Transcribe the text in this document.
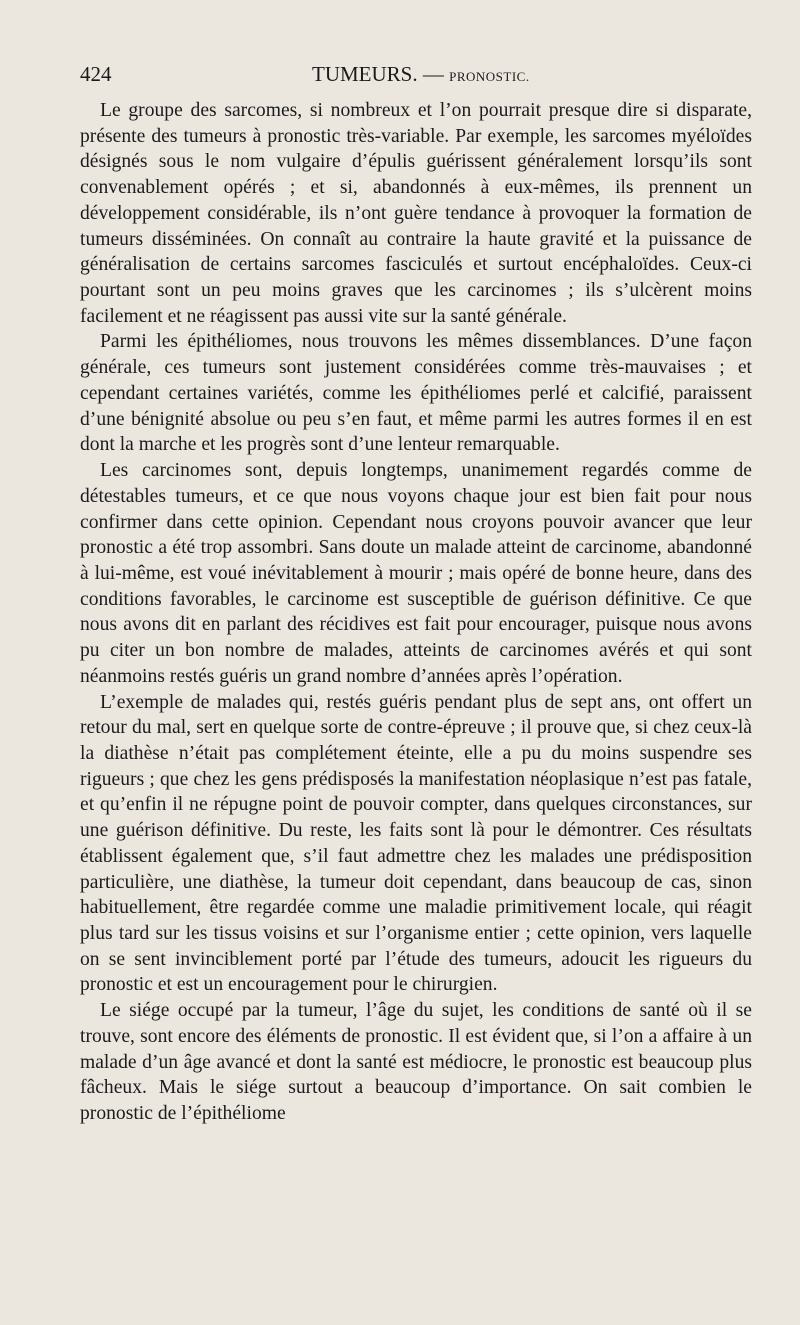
424	TUMEURS. — PRONOSTIC.

Le groupe des sarcomes, si nombreux et l’on pourrait presque dire si disparate, présente des tumeurs à pronostic très-variable. Par exemple, les sarcomes myéloïdes désignés sous le nom vulgaire d’épulis guérissent généralement lorsqu’ils sont convenablement opérés ; et si, abandonnés à eux-mêmes, ils prennent un développement considérable, ils n’ont guère tendance à provoquer la formation de tumeurs disséminées. On connaît au contraire la haute gravité et la puissance de généralisation de certains sarcomes fasciculés et surtout encéphaloïdes. Ceux-ci pourtant sont un peu moins graves que les carcinomes ; ils s’ulcèrent moins facilement et ne réagissent pas aussi vite sur la santé générale.

Parmi les épithéliomes, nous trouvons les mêmes dissemblances. D’une façon générale, ces tumeurs sont justement considérées comme très-mauvaises ; et cependant certaines variétés, comme les épithéliomes perlé et calcifié, paraissent d’une bénignité absolue ou peu s’en faut, et même parmi les autres formes il en est dont la marche et les progrès sont d’une lenteur remarquable.

Les carcinomes sont, depuis longtemps, unanimement regardés comme de détestables tumeurs, et ce que nous voyons chaque jour est bien fait pour nous confirmer dans cette opinion. Cependant nous croyons pouvoir avancer que leur pronostic a été trop assombri. Sans doute un malade atteint de carcinome, abandonné à lui-même, est voué inévitablement à mourir ; mais opéré de bonne heure, dans des conditions favorables, le carcinome est susceptible de guérison définitive. Ce que nous avons dit en parlant des récidives est fait pour encourager, puisque nous avons pu citer un bon nombre de malades, atteints de carcinomes avérés et qui sont néanmoins restés guéris un grand nombre d’années après l’opération.

L’exemple de malades qui, restés guéris pendant plus de sept ans, ont offert un retour du mal, sert en quelque sorte de contre-épreuve ; il prouve que, si chez ceux-là la diathèse n’était pas complétement éteinte, elle a pu du moins suspendre ses rigueurs ; que chez les gens prédisposés la manifestation néoplasique n’est pas fatale, et qu’enfin il ne répugne point de pouvoir compter, dans quelques circonstances, sur une guérison définitive. Du reste, les faits sont là pour le démontrer. Ces résultats établissent également que, s’il faut admettre chez les malades une prédisposition particulière, une diathèse, la tumeur doit cependant, dans beaucoup de cas, sinon habituellement, être regardée comme une maladie primitivement locale, qui réagit plus tard sur les tissus voisins et sur l’organisme entier ; cette opinion, vers laquelle on se sent invinciblement porté par l’étude des tumeurs, adoucit les rigueurs du pronostic et est un encouragement pour le chirurgien.

Le siége occupé par la tumeur, l’âge du sujet, les conditions de santé où il se trouve, sont encore des éléments de pronostic. Il est évident que, si l’on a affaire à un malade d’un âge avancé et dont la santé est médiocre, le pronostic est beaucoup plus fâcheux. Mais le siége surtout a beaucoup d’importance. On sait combien le pronostic de l’épithéliome
